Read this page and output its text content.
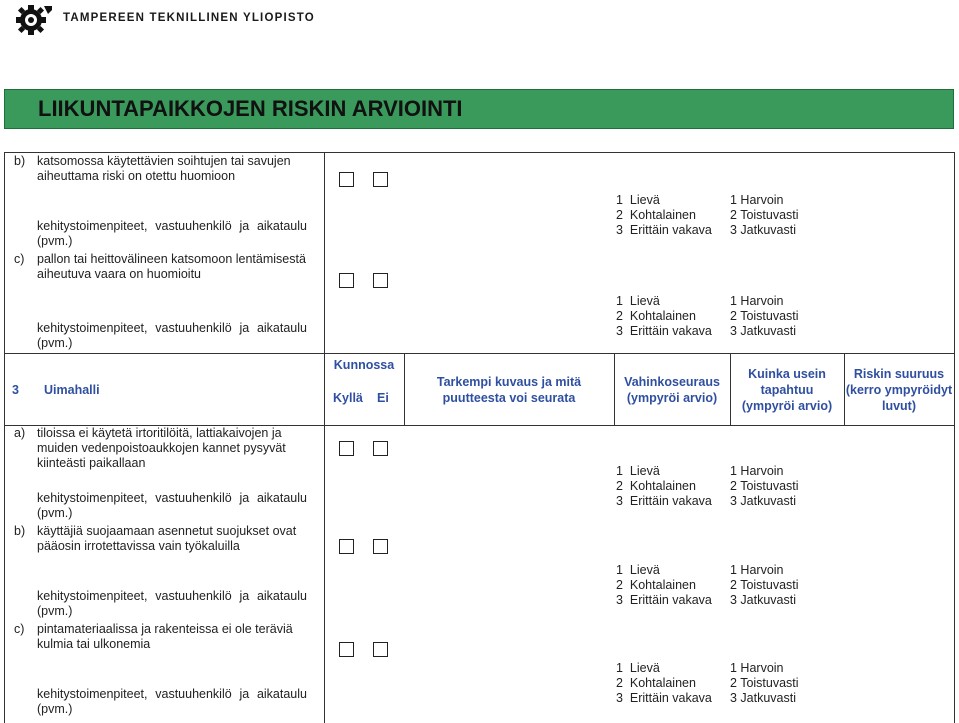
TAMPEREEN TEKNILLINEN YLIOPISTO
LIIKUNTAPAIKKOJEN RISKIN ARVIOINTI
b) katsomossa käytettävien soihtujen tai savujen
aiheuttama riski on otettu huomioon

1  Lievä
2  Kohtalainen
3  Erittäin vakava

1 Harvoin
2 Toistuvasti
3 Jatkuvasti

kehitystoimenpiteet, vastuuhenkilö ja aikataulu
(pvm.)
c) pallon tai heittovälineen katsomoon lentämisestä
aiheutuva vaara on huomioitu

1  Lievä
2  Kohtalainen
3  Erittäin vakava

1 Harvoin
2 Toistuvasti
3 Jatkuvasti

kehitystoimenpiteet, vastuuhenkilö ja aikataulu
(pvm.)
3 Uimahalli
Kunnossa
Kyllä Ei
Tarkempi kuvaus ja mitä
puutteesta voi seurata
Vahinkoseuraus
(ympyröi arvio)
Kuinka usein
tapahtuu
(ympyröi arvio)
Riskin suuruus
(kerro ympyröidyt
luvut)
a) tiloissa ei käytetä irtoritilöitä, lattiakaivojen ja
muiden vedenpoistoaukkojen kannet pysyvät
kiinteästi paikallaan

1  Lievä
2  Kohtalainen
3  Erittäin vakava

1 Harvoin
2 Toistuvasti
3 Jatkuvasti

kehitystoimenpiteet, vastuuhenkilö ja aikataulu
(pvm.)
b) käyttäjiä suojaamaan asennetut suojukset ovat
pääosin irrotettavissa vain työkaluilla

1  Lievä
2  Kohtalainen
3  Erittäin vakava

1 Harvoin
2 Toistuvasti
3 Jatkuvasti

kehitystoimenpiteet, vastuuhenkilö ja aikataulu
(pvm.)
c) pintamateriaalissa ja rakenteissa ei ole teräviä
kulmia tai ulkonemia

1  Lievä
2  Kohtalainen
3  Erittäin vakava

1 Harvoin
2 Toistuvasti
3 Jatkuvasti

kehitystoimenpiteet, vastuuhenkilö ja aikataulu
(pvm.)
